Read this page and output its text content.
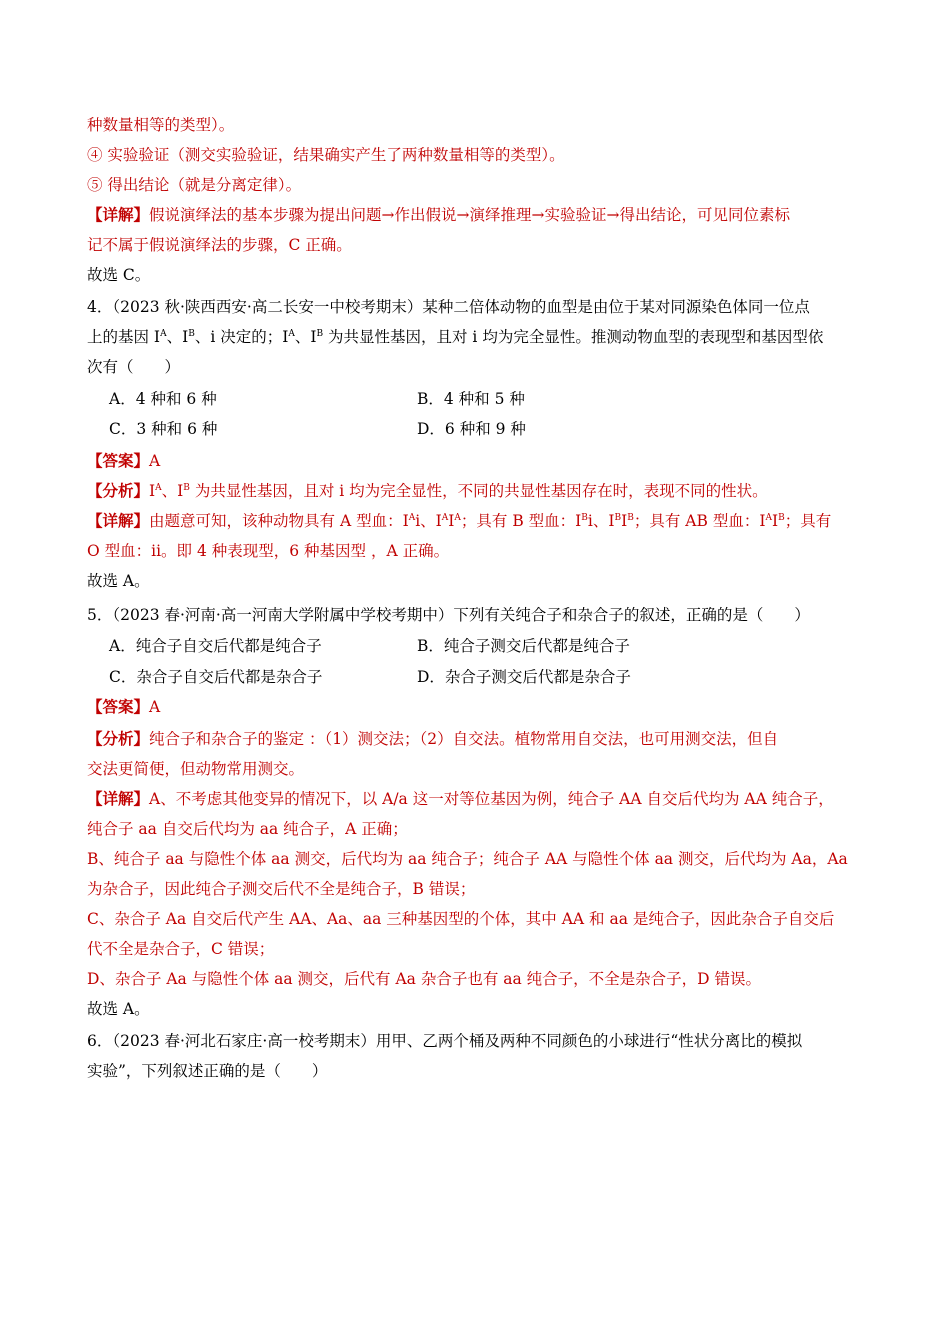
种数量相等的类型）。
④ 实验验证（测交实验验证，结果确实产生了两种数量相等的类型）。
⑤ 得出结论（就是分离定律）。
【详解】假说演绎法的基本步骤为提出问题→作出假说→演绎推理→实验验证→得出结论，可见同位素标
记不属于假说演绎法的步骤，C 正确。
故选 C。
4．（2023 秋·陕西西安·高二长安一中校考期末）某种二倍体动物的血型是由位于某对同源染色体同一位点
上的基因 $I^A$、$I^B$、i 决定的；$I^A$、$I^B$ 为共显性基因，且对 i 均为完全显性。推测动物血型的表现型和基因型依
次有（　　）
A．4 种和 6 种	B．4 种和 5 种
C．3 种和 6 种	D．6 种和 9 种
【答案】A
【分析】$I^A$、$I^B$ 为共显性基因，且对 i 均为完全显性，不同的共显性基因存在时，表现不同的性状。
【详解】由题意可知，该种动物具有 A 型血：$I^Ai$、$I^AI^A$；具有 B 型血：$I^Bi$、$I^BI^B$；具有 AB 型血：$I^AI^B$；具有
O 型血：ii。即 4 种表现型，6 种基因型 ，A 正确。
故选 A。
5．（2023 春·河南·高一河南大学附属中学校考期中）下列有关纯合子和杂合子的叙述，正确的是（　　）
A．纯合子自交后代都是纯合子	B．纯合子测交后代都是纯合子
C．杂合子自交后代都是杂合子	D．杂合子测交后代都是杂合子
【答案】A
【分析】纯合子和杂合子的鉴定 ：（1）测交法；（2）自交法。植物常用自交法，也可用测交法，但自
交法更简便，但动物常用测交。
【详解】A、不考虑其他变异的情况下，以 A/a 这一对等位基因为例，纯合子 AA 自交后代均为 AA 纯合子，
纯合子 aa 自交后代均为 aa 纯合子，A 正确；
B、纯合子 aa 与隐性个体 aa 测交，后代均为 aa 纯合子；纯合子 AA 与隐性个体 aa 测交，后代均为 Aa，Aa
为杂合子，因此纯合子测交后代不全是纯合子，B 错误；
C、杂合子 Aa 自交后代产生 AA、Aa、aa 三种基因型的个体，其中 AA 和 aa 是纯合子，因此杂合子自交后
代不全是杂合子，C 错误；
D、杂合子 Aa 与隐性个体 aa 测交，后代有 Aa 杂合子也有 aa 纯合子，不全是杂合子，D 错误。
故选 A。
6．（2023 春·河北石家庄·高一校考期末）用甲、乙两个桶及两种不同颜色的小球进行“性状分离比的模拟
实验”，下列叙述正确的是（　　）
